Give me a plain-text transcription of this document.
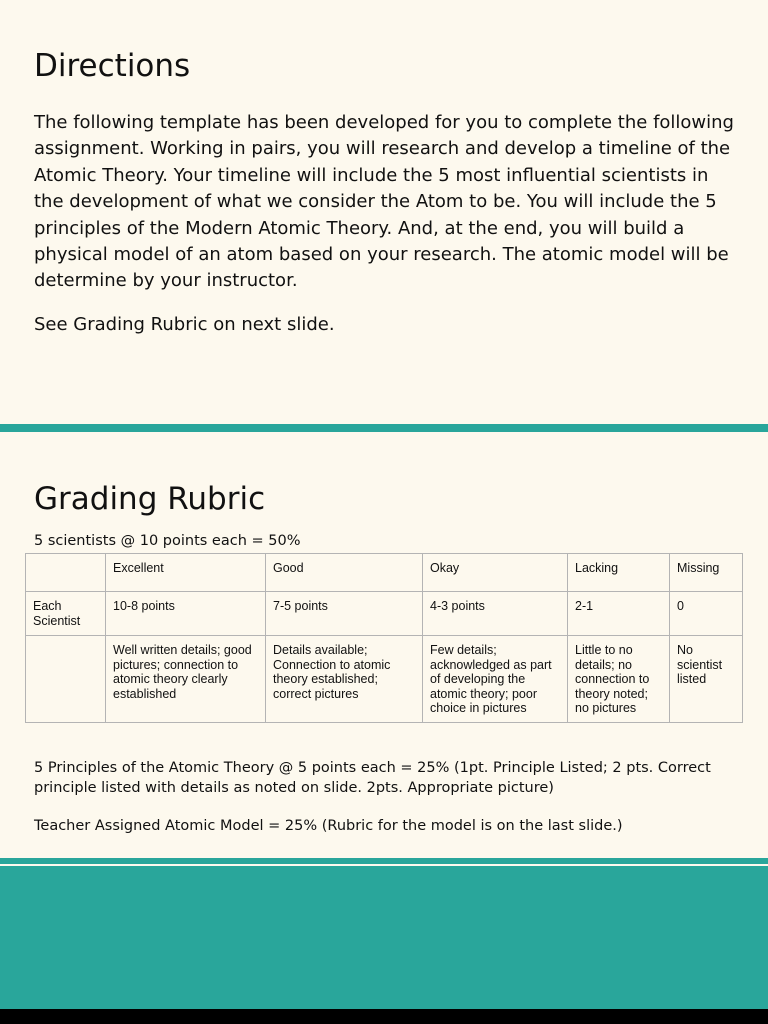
Directions

The following template has been developed for you to complete the following assignment. Working in pairs, you will research and develop a timeline of the Atomic Theory. Your timeline will include the 5 most influential scientists in the development of what we consider the Atom to be. You will include the 5 principles of the Modern Atomic Theory. And, at the end, you will build a physical model of an atom based on your research. The atomic model will be determine by your instructor.

See Grading Rubric on next slide.

Grading Rubric

5 scientists @ 10 points each = 50%

	Excellent	Good	Okay	Lacking	Missing
Each Scientist	10-8 points	7-5 points	4-3 points	2-1	0
	Well written details; good pictures; connection to atomic theory clearly established	Details available; Connection to atomic theory established; correct pictures	Few details; acknowledged as part of developing the atomic theory; poor choice in pictures	Little to no details; no connection to theory noted; no pictures	No scientist listed

5 Principles of the Atomic Theory @ 5 points each = 25% (1pt. Principle Listed; 2 pts. Correct principle listed with details as noted on slide. 2pts. Appropriate picture)

Teacher Assigned Atomic Model = 25% (Rubric for the model is on the last slide.)
